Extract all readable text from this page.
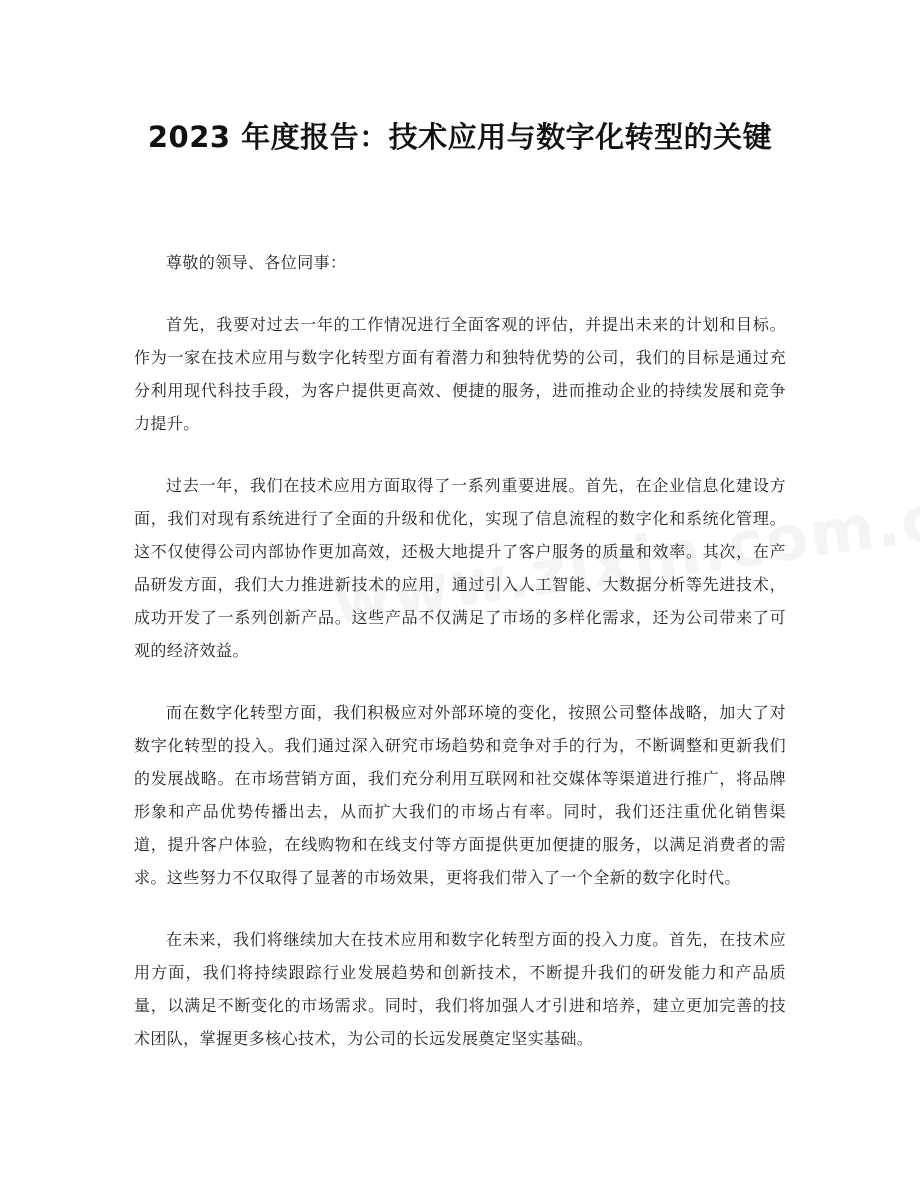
2023 年度报告：技术应用与数字化转型的关键

尊敬的领导、各位同事：

首先，我要对过去一年的工作情况进行全面客观的评估，并提出未来的计划和目标。作为一家在技术应用与数字化转型方面有着潜力和独特优势的公司，我们的目标是通过充分利用现代科技手段，为客户提供更高效、便捷的服务，进而推动企业的持续发展和竞争力提升。

过去一年，我们在技术应用方面取得了一系列重要进展。首先，在企业信息化建设方面，我们对现有系统进行了全面的升级和优化，实现了信息流程的数字化和系统化管理。这不仅使得公司内部协作更加高效，还极大地提升了客户服务的质量和效率。其次，在产品研发方面，我们大力推进新技术的应用，通过引入人工智能、大数据分析等先进技术，成功开发了一系列创新产品。这些产品不仅满足了市场的多样化需求，还为公司带来了可观的经济效益。

而在数字化转型方面，我们积极应对外部环境的变化，按照公司整体战略，加大了对数字化转型的投入。我们通过深入研究市场趋势和竞争对手的行为，不断调整和更新我们的发展战略。在市场营销方面，我们充分利用互联网和社交媒体等渠道进行推广，将品牌形象和产品优势传播出去，从而扩大我们的市场占有率。同时，我们还注重优化销售渠道，提升客户体验，在线购物和在线支付等方面提供更加便捷的服务，以满足消费者的需求。这些努力不仅取得了显著的市场效果，更将我们带入了一个全新的数字化时代。

在未来，我们将继续加大在技术应用和数字化转型方面的投入力度。首先，在技术应用方面，我们将持续跟踪行业发展趋势和创新技术，不断提升我们的研发能力和产品质量，以满足不断变化的市场需求。同时，我们将加强人才引进和培养，建立更加完善的技术团队，掌握更多核心技术，为公司的长远发展奠定坚实基础。
